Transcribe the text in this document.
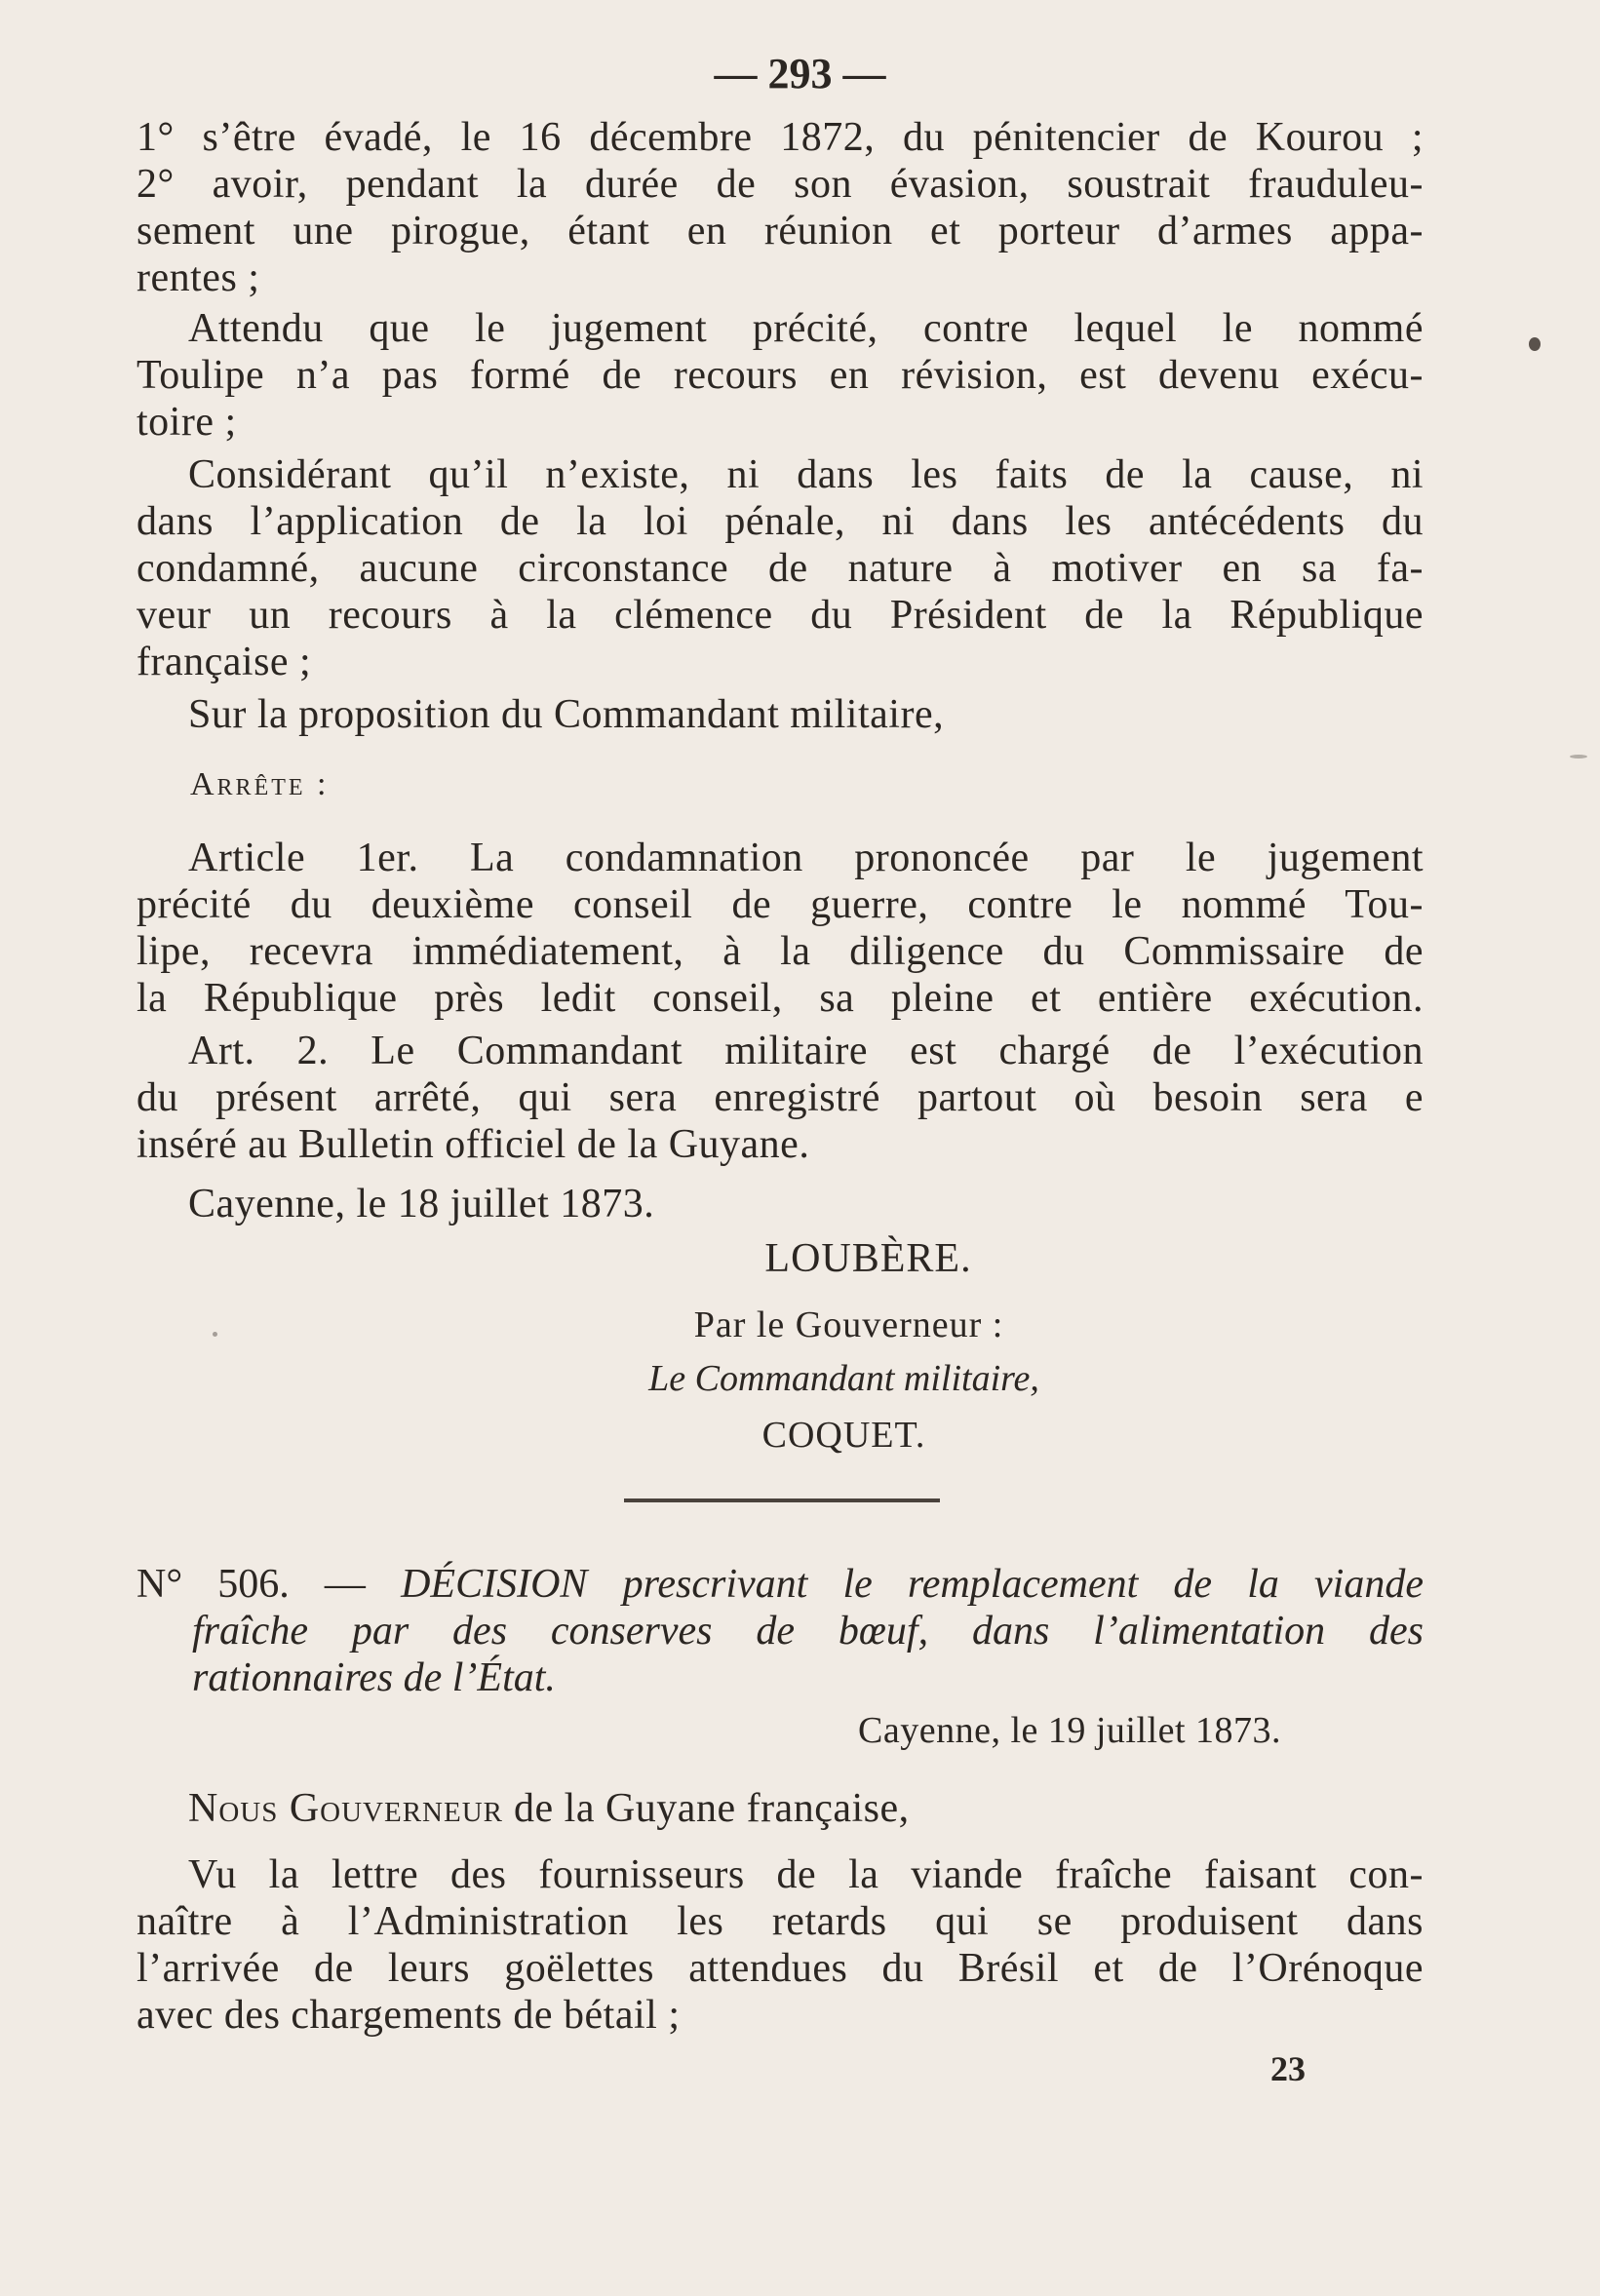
— 293 —
1° s’être évadé, le 16 décembre 1872, du pénitencier de Kourou ;
2° avoir, pendant la durée de son évasion, soustrait frauduleu-
sement une pirogue, étant en réunion et porteur d’armes appa-
rentes ;
Attendu que le jugement précité, contre lequel le nommé
Toulipe n’a pas formé de recours en révision, est devenu exécu-
toire ;
Considérant qu’il n’existe, ni dans les faits de la cause, ni
dans l’application de la loi pénale, ni dans les antécédents du
condamné, aucune circonstance de nature à motiver en sa fa-
veur un recours à la clémence du Président de la République
française ;
Sur la proposition du Commandant militaire,
Arrête :
Article 1er. La condamnation prononcée par le jugement
précité du deuxième conseil de guerre, contre le nommé Tou-
lipe, recevra immédiatement, à la diligence du Commissaire de
la République près ledit conseil, sa pleine et entière exécution.
Art. 2. Le Commandant militaire est chargé de l’exécution
du présent arrêté, qui sera enregistré partout où besoin sera e
inséré au Bulletin officiel de la Guyane.
Cayenne, le 18 juillet 1873.
LOUBÈRE.
Par le Gouverneur :
Le Commandant militaire,
COQUET.
N° 506. — DÉCISION prescrivant le remplacement de la viande
fraîche par des conserves de bœuf, dans l’alimentation des
rationnaires de l’État.
Cayenne, le 19 juillet 1873.
Nous Gouverneur de la Guyane française,
Vu la lettre des fournisseurs de la viande fraîche faisant con-
naître à l’Administration les retards qui se produisent dans
l’arrivée de leurs goëlettes attendues du Brésil et de l’Orénoque
avec des chargements de bétail ;
23
